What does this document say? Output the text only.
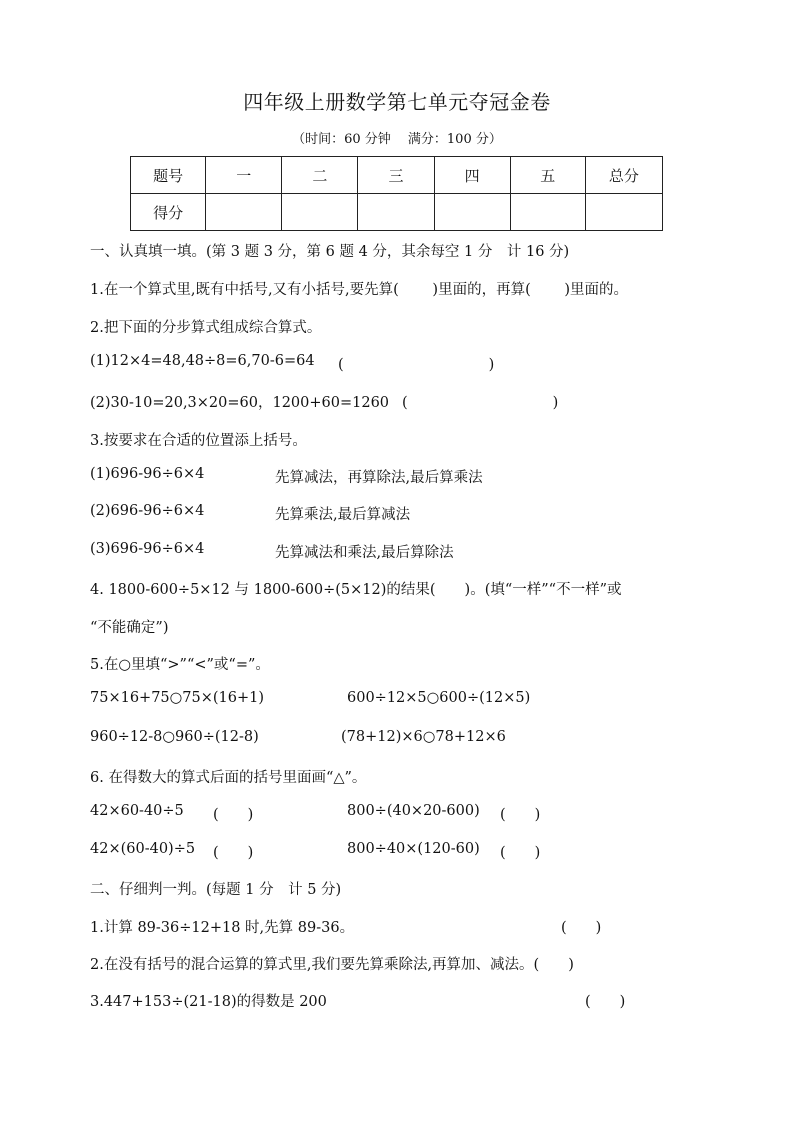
四年级上册数学第七单元夺冠金卷
（时间：60 分钟　 满分：100 分）
题号	一	二	三	四	五	总分
得分						
一、认真填一填。(第 3 题 3 分，第 6 题 4 分，其余每空 1 分　计 16 分)
1.在一个算式里,既有中括号,又有小括号,要先算(　　 )里面的，再算(　　 )里面的。
2.把下面的分步算式组成综合算式。
(1)12×4=48,48÷8=6,70-6=64 (　　　　　　　　　　)
(2)30-10=20,3×20=60，1200+60=1260 (　　　　　　　　　　)
3.按要求在合适的位置添上括号。
(1)696-96÷6×4	先算减法，再算除法,最后算乘法
(2)696-96÷6×4	先算乘法,最后算减法
(3)696-96÷6×4	先算减法和乘法,最后算除法
4. 1800-600÷5×12 与 1800-600÷(5×12)的结果(　　)。(填“一样”“不一样”或
“不能确定”)
5.在○里填“>”“<”或“=”。
75×16+75○75×(16+1)	600÷12×5○600÷(12×5)
960÷12-8○960÷(12-8)	(78+12)×6○78+12×6
6. 在得数大的算式后面的括号里面画“△”。
42×60-40÷5 (　　)	800÷(40×20-600) (　　)
42×(60-40)÷5 (　　)	800÷40×(120-60) (　　)
二、仔细判一判。(每题 1 分　计 5 分)
1.计算 89-36÷12+18 时,先算 89-36。	(　　)
2.在没有括号的混合运算的算式里,我们要先算乘除法,再算加、减法。(　　)
3.447+153÷(21-18)的得数是 200	(　　)
